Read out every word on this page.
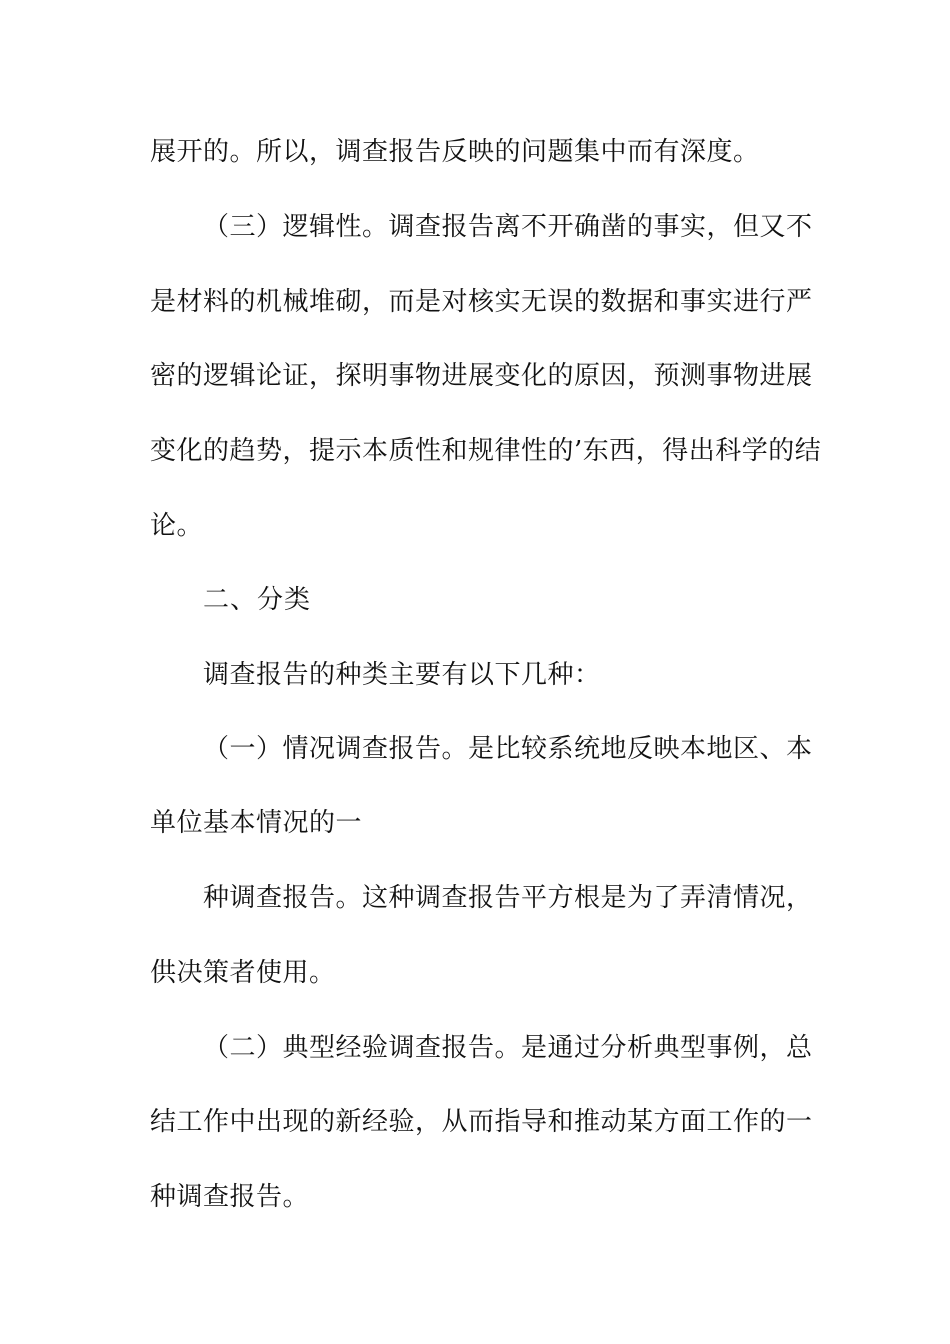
展开的。所以，调查报告反映的问题集中而有深度。
（三）逻辑性。调查报告离不开确凿的事实，但又不
是材料的机械堆砌，而是对核实无误的数据和事实进行严
密的逻辑论证，探明事物进展变化的原因，预测事物进展
变化的趋势，提示本质性和规律性的’东西，得出科学的结
论。
二、分类
调查报告的种类主要有以下几种：
（一）情况调查报告。是比较系统地反映本地区、本
单位基本情况的一
种调查报告。这种调查报告平方根是为了弄清情况，
供决策者使用。
（二）典型经验调查报告。是通过分析典型事例，总
结工作中出现的新经验，从而指导和推动某方面工作的一
种调查报告。
